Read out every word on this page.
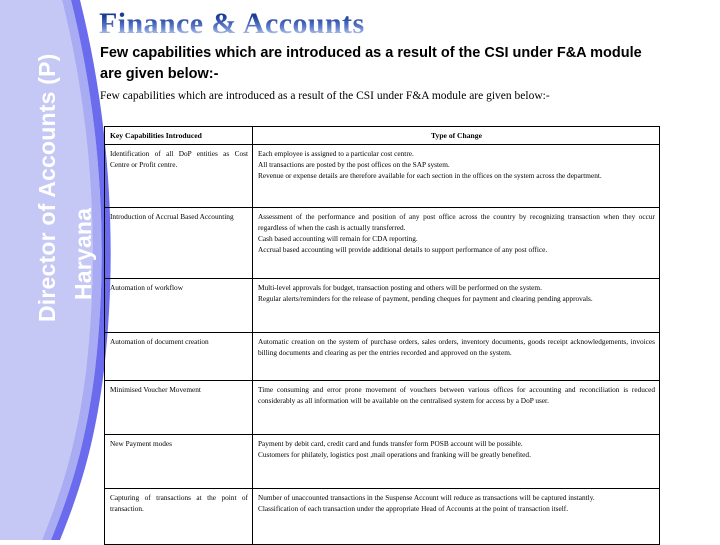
Director of Accounts (P) Haryana
Finance & Accounts
Few capabilities which are introduced as a result of the CSI under F&A module are given below:-
Few capabilities which are introduced as a result of the CSI under F&A module are given below:-
Key Capabilities Introduced	Type of Change
Identification of all DoP entities as Cost Centre or Profit centre.	Each employee is assigned to a particular cost centre.
All transactions are posted by the post offices on the SAP system.
Revenue or expense details are therefore available for each section in the offices on the system across the department.

Introduction of Accrual Based Accounting	Assessment of the performance and position of any post office across the country by recognizing transaction when they occur regardless of when the cash is actually transferred.
Cash based accounting will remain for CDA reporting.
Accrual based accounting will provide additional details to support performance of any post office.

Automation of workflow	Multi-level approvals for budget, transaction posting and others will be performed on the system.
Regular alerts/reminders for the release of payment, pending cheques for payment and clearing pending approvals.

Automation of document creation	Automatic creation on the system of purchase orders, sales orders, inventory documents, goods receipt acknowledgements, invoices billing documents and clearing as per the entries recorded and approved on the system.

Minimised Voucher Movement	Time consuming and error prone movement of vouchers between various offices for accounting and reconciliation is reduced considerably as all information will be available on the centralised system for access by a DoP user.

New Payment modes	Payment by debit card, credit card and funds transfer form POSB account will be possible.
Customers for philately, logistics post ,mail operations and franking will be greatly benefited.

Capturing of transactions at the point of transaction.	Number of unaccounted transactions in the Suspense Account will reduce as transactions will be captured instantly.
Classification of each transaction under the appropriate Head of Accounts at the point of transaction itself.
